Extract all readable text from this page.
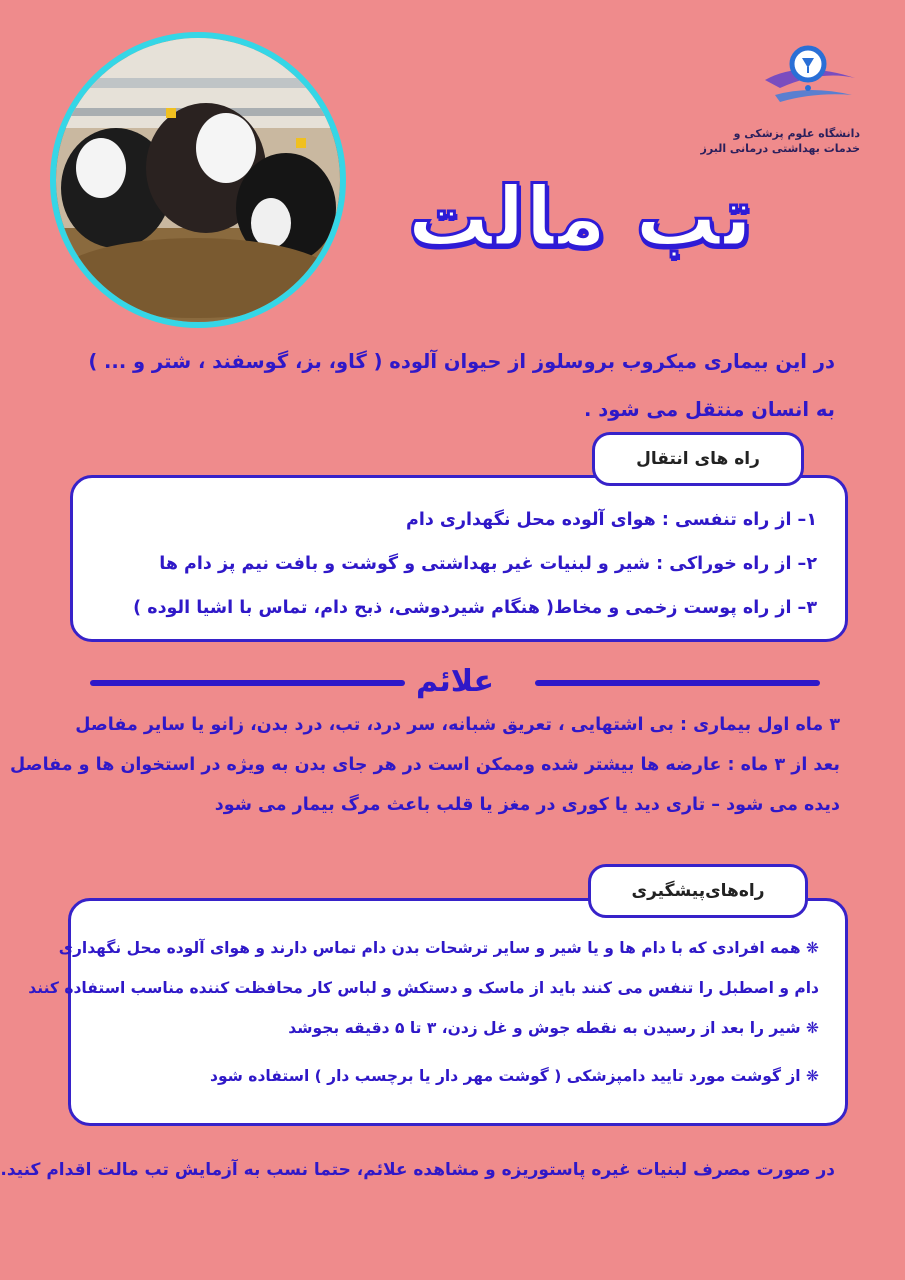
دانشگاه علوم پزشکی و
خدمات بهداشتی درمانی البرز
تب مالت
در این بیماری میکروب بروسلوز از حیوان آلوده ( گاو، بز، گوسفند ، شتر و ... )
به انسان منتقل می شود .
۱– از راه تنفسی : هوای آلوده محل نگهداری دام
۲– از راه خوراکی : شیر و لبنیات غیر بهداشتی و گوشت و بافت نیم پز دام ها
۳– از راه پوست زخمی و مخاط( هنگام شیردوشی، ذبح دام، تماس با اشیا الوده )
راه های انتقال
علائم
۳ ماه اول بیماری : بی اشتهایی ، تعریق شبانه، سر درد، تب، درد بدن، زانو یا سایر مفاصل
بعد از ۳ ماه : عارضه ها بیشتر شده وممکن است در هر جای بدن به ویژه در استخوان ها و مفاصل
دیده می شود – تاری دید یا کوری در مغز یا قلب باعث مرگ بیمار می شود
❋ همه افرادی که با دام ها و یا شیر و سایر ترشحات بدن دام تماس دارند و هوای آلوده محل نگهداری
دام و اصطبل را تنفس می کنند باید از ماسک و دستکش و لباس کار محافظت کننده مناسب استفاده کنند
❋ شیر را بعد از رسیدن به نقطه جوش و غل زدن، ۳ تا ۵ دقیقه بجوشد
❋ از گوشت مورد تایید دامپزشکی ( گوشت مهر دار یا برچسب دار ) استفاده شود
راه‌های‌پیشگیری
در صورت مصرف لبنیات غیره پاستوریزه و مشاهده علائم، حتما نسب به آزمایش تب مالت اقدام کنید.
